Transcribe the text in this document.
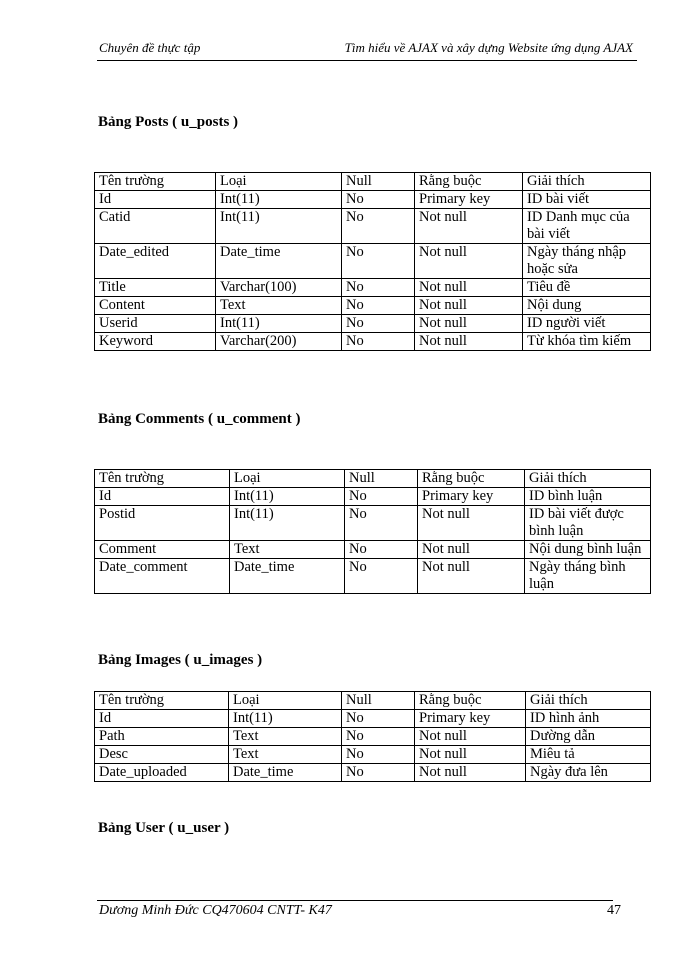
Chuyên đề thực tập	Tìm hiểu về AJAX và xây dựng Website ứng dụng AJAX
Bảng Posts ( u_posts )
Tên trường	Loại	Null	Rằng buộc	Giải thích
Id	Int(11)	No	Primary key	ID bài viết
Catid	Int(11)	No	Not null	ID Danh mục của bài viết
Date_edited	Date_time	No	Not null	Ngày tháng nhập hoặc sửa
Title	Varchar(100)	No	Not null	Tiêu đề
Content	Text	No	Not null	Nội dung
Userid	Int(11)	No	Not null	ID người viết
Keyword	Varchar(200)	No	Not null	Từ khóa tìm kiếm
Bảng Comments ( u_comment )
Tên trường	Loại	Null	Rằng buộc	Giải thích
Id	Int(11)	No	Primary key	ID bình luận
Postid	Int(11)	No	Not null	ID bài viết được bình luận
Comment	Text	No	Not null	Nội dung bình luận
Date_comment	Date_time	No	Not null	Ngày tháng bình luận
Bảng Images ( u_images )
Tên trường	Loại	Null	Rằng buộc	Giải thích
Id	Int(11)	No	Primary key	ID hình ảnh
Path	Text	No	Not null	Dường dẫn
Desc	Text	No	Not null	Miêu tả
Date_uploaded	Date_time	No	Not null	Ngày đưa lên
Bảng User ( u_user )
Dương Minh Đức CQ470604 CNTT- K47	47
